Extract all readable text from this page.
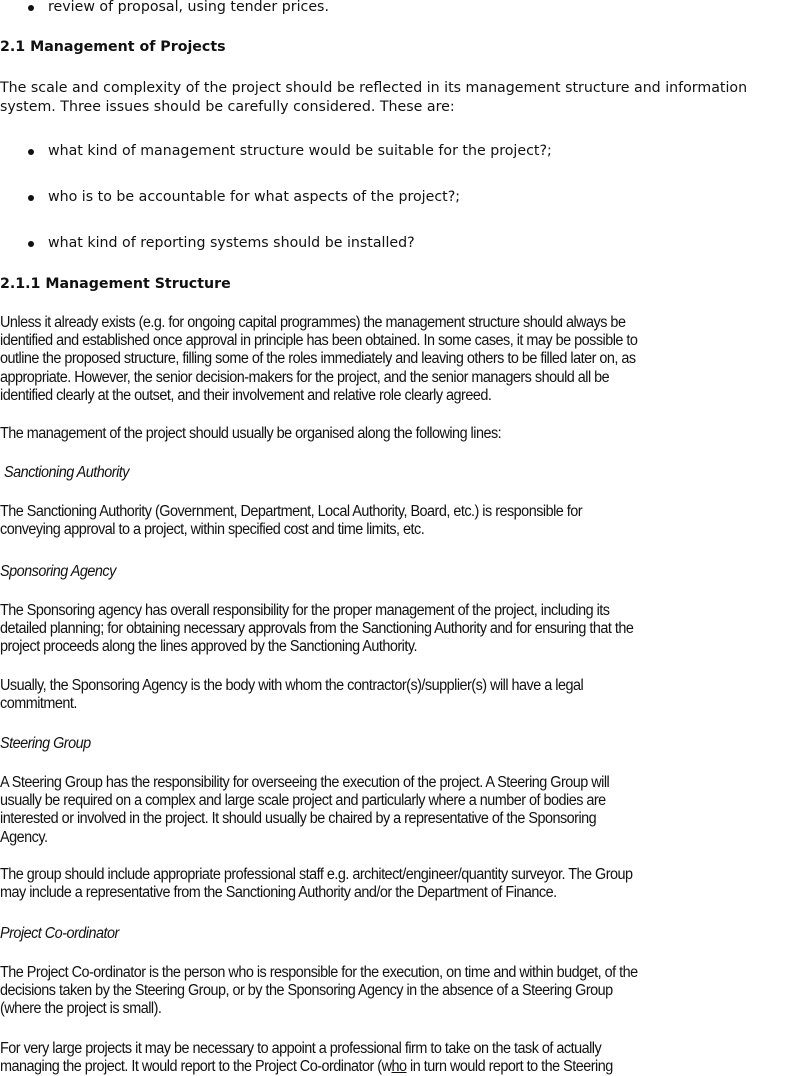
review of proposal, using tender prices.
2.1 Management of Projects
The scale and complexity of the project should be reflected in its management structure and information
system. Three issues should be carefully considered. These are:
what kind of management structure would be suitable for the project?;
who is to be accountable for what aspects of the project?;
what kind of reporting systems should be installed?
2.1.1 Management Structure
Unless it already exists (e.g. for ongoing capital programmes) the management structure should always be
identified and established once approval in principle has been obtained. In some cases, it may be possible to
outline the proposed structure, filling some of the roles immediately and leaving others to be filled later on, as
appropriate. However, the senior decision-makers for the project, and the senior managers should all be
identified clearly at the outset, and their involvement and relative role clearly agreed.
The management of the project should usually be organised along the following lines:
Sanctioning Authority
The Sanctioning Authority (Government, Department, Local Authority, Board, etc.) is responsible for
conveying approval to a project, within specified cost and time limits, etc.
Sponsoring Agency
The Sponsoring agency has overall responsibility for the proper management of the project, including its
detailed planning; for obtaining necessary approvals from the Sanctioning Authority and for ensuring that the
project proceeds along the lines approved by the Sanctioning Authority.
Usually, the Sponsoring Agency is the body with whom the contractor(s)/supplier(s) will have a legal
commitment.
Steering Group
A Steering Group has the responsibility for overseeing the execution of the project. A Steering Group will
usually be required on a complex and large scale project and particularly where a number of bodies are
interested or involved in the project. It should usually be chaired by a representative of the Sponsoring
Agency.
The group should include appropriate professional staff e.g. architect/engineer/quantity surveyor. The Group
may include a representative from the Sanctioning Authority and/or the Department of Finance.
Project Co-ordinator
The Project Co-ordinator is the person who is responsible for the execution, on time and within budget, of the
decisions taken by the Steering Group, or by the Sponsoring Agency in the absence of a Steering Group
(where the project is small).
For very large projects it may be necessary to appoint a professional firm to take on the task of actually
managing the project. It would report to the Project Co-ordinator (who in turn would report to the Steering
